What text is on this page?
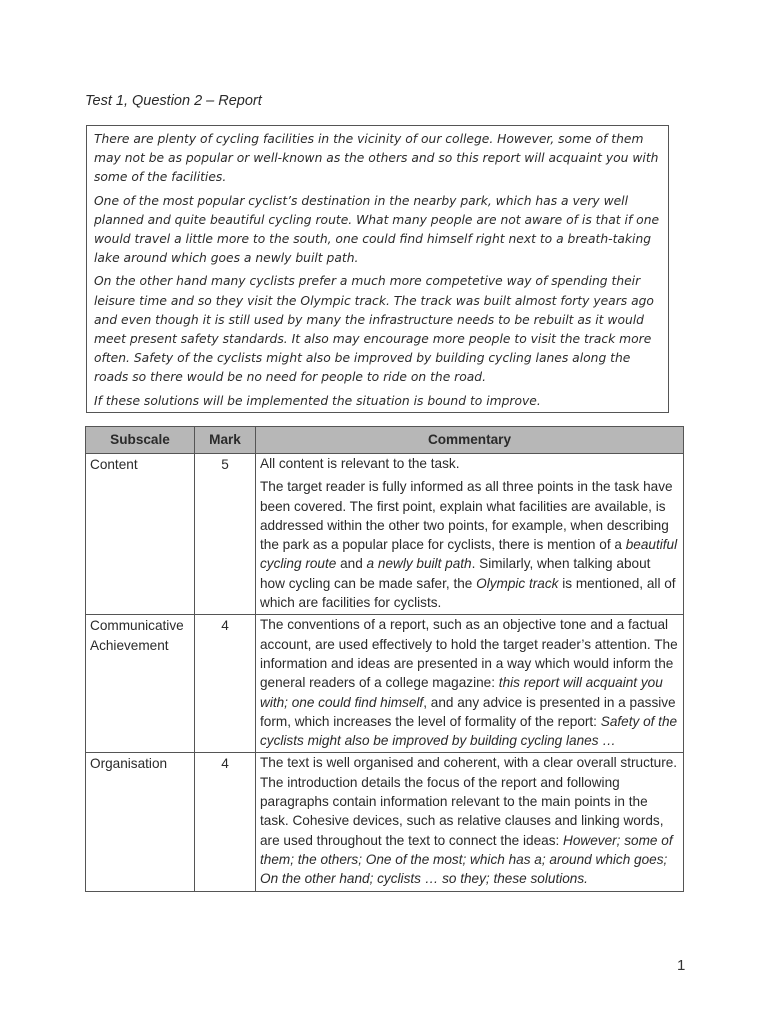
Test 1, Question 2 – Report

There are plenty of cycling facilities in the vicinity of our college. However, some of them may not be as popular or well-known as the others and so this report will acquaint you with some of the facilities.

One of the most popular cyclist’s destination in the nearby park, which has a very well planned and quite beautiful cycling route. What many people are not aware of is that if one would travel a little more to the south, one could find himself right next to a breath-taking lake around which goes a newly built path.

On the other hand many cyclists prefer a much more competetive way of spending their leisure time and so they visit the Olympic track. The track was built almost forty years ago and even though it is still used by many the infrastructure needs to be rebuilt as it would meet present safety standards. It also may encourage more people to visit the track more often. Safety of the cyclists might also be improved by building cycling lanes along the roads so there would be no need for people to ride on the road.

If these solutions will be implemented the situation is bound to improve.

Subscale	Mark	Commentary
Content	5	All content is relevant to the task.

The target reader is fully informed as all three points in the task have been covered. The first point, explain what facilities are available, is addressed within the other two points, for example, when describing the park as a popular place for cyclists, there is mention of a beautiful cycling route and a newly built path. Similarly, when talking about how cycling can be made safer, the Olympic track is mentioned, all of which are facilities for cyclists.

Communicative
Achievement	4	The conventions of a report, such as an objective tone and a factual account, are used effectively to hold the target reader’s attention. The information and ideas are presented in a way which would inform the general readers of a college magazine: this report will acquaint you with; one could find himself, and any advice is presented in a passive form, which increases the level of formality of the report: Safety of the cyclists might also be improved by building cycling lanes …

Organisation	4	The text is well organised and coherent, with a clear overall structure. The introduction details the focus of the report and following paragraphs contain information relevant to the main points in the task. Cohesive devices, such as relative clauses and linking words, are used throughout the text to connect the ideas: However; some of them; the others; One of the most; which has a; around which goes; On the other hand; cyclists … so they; these solutions.

1
